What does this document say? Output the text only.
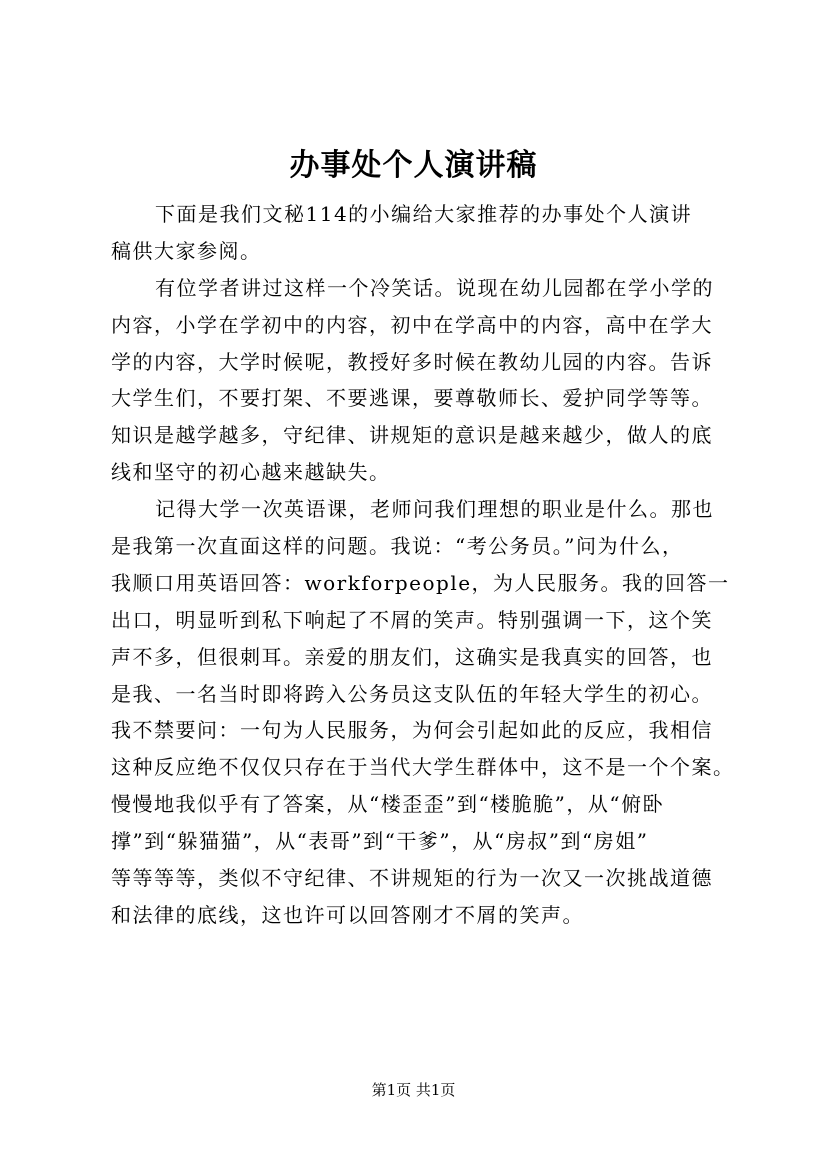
办事处个人演讲稿
下面是我们文秘114的小编给大家推荐的办事处个人演讲
稿供大家参阅。
有位学者讲过这样一个冷笑话。说现在幼儿园都在学小学的
内容，小学在学初中的内容，初中在学高中的内容，高中在学大
学的内容，大学时候呢，教授好多时候在教幼儿园的内容。告诉
大学生们，不要打架、不要逃课，要尊敬师长、爱护同学等等。
知识是越学越多，守纪律、讲规矩的意识是越来越少，做人的底
线和坚守的初心越来越缺失。
记得大学一次英语课，老师问我们理想的职业是什么。那也
是我第一次直面这样的问题。我说：“考公务员。”问为什么，
我顺口用英语回答：workforpeople，为人民服务。我的回答一
出口，明显听到私下响起了不屑的笑声。特别强调一下，这个笑
声不多，但很刺耳。亲爱的朋友们，这确实是我真实的回答，也
是我、一名当时即将跨入公务员这支队伍的年轻大学生的初心。
我不禁要问：一句为人民服务，为何会引起如此的反应，我相信
这种反应绝不仅仅只存在于当代大学生群体中，这不是一个个案。
慢慢地我似乎有了答案，从“楼歪歪”到“楼脆脆”，从“俯卧
撑”到“躲猫猫”，从“表哥”到“干爹”，从“房叔”到“房姐”
等等等等，类似不守纪律、不讲规矩的行为一次又一次挑战道德
和法律的底线，这也许可以回答刚才不屑的笑声。
第1页 共1页
